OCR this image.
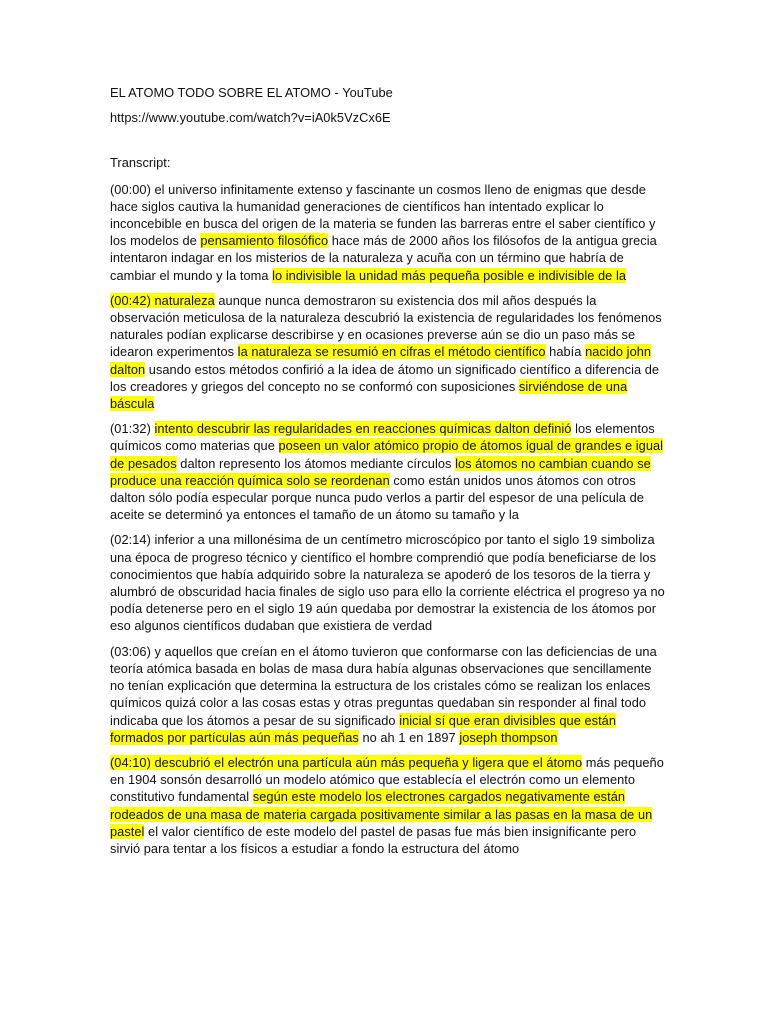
EL ATOMO TODO SOBRE EL ATOMO - YouTube

https://www.youtube.com/watch?v=iA0k5VzCx6E

Transcript:

(00:00) el universo infinitamente extenso y fascinante un cosmos lleno de enigmas que desde hace siglos cautiva la humanidad generaciones de científicos han intentado explicar lo inconcebible en busca del origen de la materia se funden las barreras entre el saber científico y los modelos de pensamiento filosófico hace más de 2000 años los filósofos de la antigua grecia intentaron indagar en los misterios de la naturaleza y acuña con un término que habría de cambiar el mundo y la toma lo indivisible la unidad más pequeña posible e indivisible de la

(00:42) naturaleza aunque nunca demostraron su existencia dos mil años después la observación meticulosa de la naturaleza descubrió la existencia de regularidades los fenómenos naturales podían explicarse describirse y en ocasiones preverse aún se dio un paso más se idearon experimentos la naturaleza se resumió en cifras el método científico había nacido john dalton usando estos métodos confirió a la idea de átomo un significado científico a diferencia de los creadores y griegos del concepto no se conformó con suposiciones sirviéndose de una báscula

(01:32) intento descubrir las regularidades en reacciones químicas dalton definió los elementos químicos como materias que poseen un valor atómico propio de átomos igual de grandes e igual de pesados dalton represento los átomos mediante círculos los átomos no cambian cuando se produce una reacción química solo se reordenan como están unidos unos átomos con otros dalton sólo podía especular porque nunca pudo verlos a partir del espesor de una película de aceite se determinó ya entonces el tamaño de un átomo su tamaño y la

(02:14) inferior a una millonésima de un centímetro microscópico por tanto el siglo 19 simboliza una época de progreso técnico y científico el hombre comprendió que podía beneficiarse de los conocimientos que había adquirido sobre la naturaleza se apoderó de los tesoros de la tierra y alumbró de obscuridad hacia finales de siglo uso para ello la corriente eléctrica el progreso ya no podía detenerse pero en el siglo 19 aún quedaba por demostrar la existencia de los átomos por eso algunos científicos dudaban que existiera de verdad

(03:06) y aquellos que creían en el átomo tuvieron que conformarse con las deficiencias de una teoría atómica basada en bolas de masa dura había algunas observaciones que sencillamente no tenían explicación que determina la estructura de los cristales cómo se realizan los enlaces químicos quizá color a las cosas estas y otras preguntas quedaban sin responder al final todo indicaba que los átomos a pesar de su significado inicial sí que eran divisibles que están formados por partículas aún más pequeñas no ah 1 en 1897 joseph thompson

(04:10) descubrió el electrón una partícula aún más pequeña y ligera que el átomo más pequeño en 1904 sonsón desarrolló un modelo atómico que establecía el electrón como un elemento constitutivo fundamental según este modelo los electrones cargados negativamente están rodeados de una masa de materia cargada positivamente similar a las pasas en la masa de un pastel el valor científico de este modelo del pastel de pasas fue más bien insignificante pero sirvió para tentar a los físicos a estudiar a fondo la estructura del átomo
